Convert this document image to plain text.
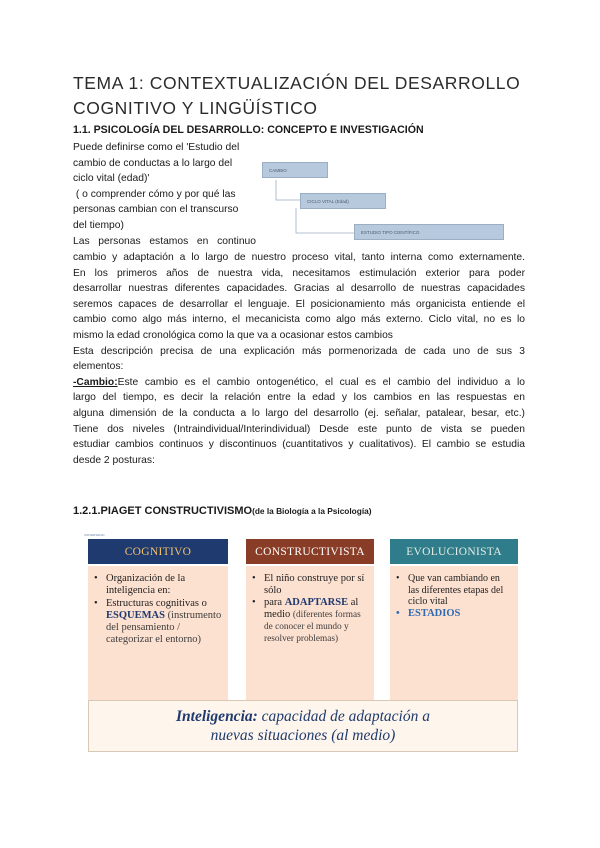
TEMA 1: CONTEXTUALIZACIÓN DEL DESARROLLO COGNITIVO Y LINGÜÍSTICO
1.1. PSICOLOGÍA DEL DESARROLLO: CONCEPTO E INVESTIGACIÓN

Puede definirse como el 'Estudio del

cambio de conductas a lo largo del

ciclo vital (edad)'

( o comprender cómo y por qué las

personas cambian con el transcurso

del tiempo)

Las personas estamos en continuo

CAMBIO
CICLO VITAL (Edad)
ESTUDIO TIPO CIENTÍFICO

cambio y adaptación a lo largo de nuestro proceso vital, tanto interna como externamente.

En los primeros años de nuestra vida, necesitamos estimulación exterior para poder

desarrollar nuestras diferentes capacidades. Gracias al desarrollo de nuestras capacidades

seremos capaces de desarrollar el lenguaje. El posicionamiento más organicista entiende el

cambio como algo más interno, el mecanicista como algo más externo. Ciclo vital, no es lo

mismo la edad cronológica como la que va a ocasionar estos cambios

Esta descripción precisa de una explicación más pormenorizada de cada uno de sus 3

elementos:

-Cambio:Este cambio es el cambio ontogenético, el cual es el cambio del individuo a lo

largo del tiempo, es decir la relación entre la edad y los cambios en las respuestas en

alguna dimensión de la conducta a lo largo del desarrollo (ej. señalar, patalear, besar, etc.)

Tiene dos niveles (Intraindividual/Interindividual) Desde este punto de vista se pueden

estudiar cambios continuos y discontinuos (cuantitativos y cualitativos). El cambio se estudia

desde 2 posturas:

1.2.1.PIAGET CONSTRUCTIVISMO(de la Biología a la Psicología)
UNIVERSIDAD
COGNITIVO
• Organización de la inteligencia en:
• Estructuras cognitivas o ESQUEMAS (instrumento del pensamiento / categorizar el entorno)
CONSTRUCTIVISTA
• El niño construye por sí sólo
• para ADAPTARSE al medio (diferentes formas de conocer el mundo y resolver problemas)
EVOLUCIONISTA
• Que van cambiando en las diferentes etapas del ciclo vital
• ESTADIOS
Inteligencia: capacidad de adaptación a nuevas situaciones (al medio)
